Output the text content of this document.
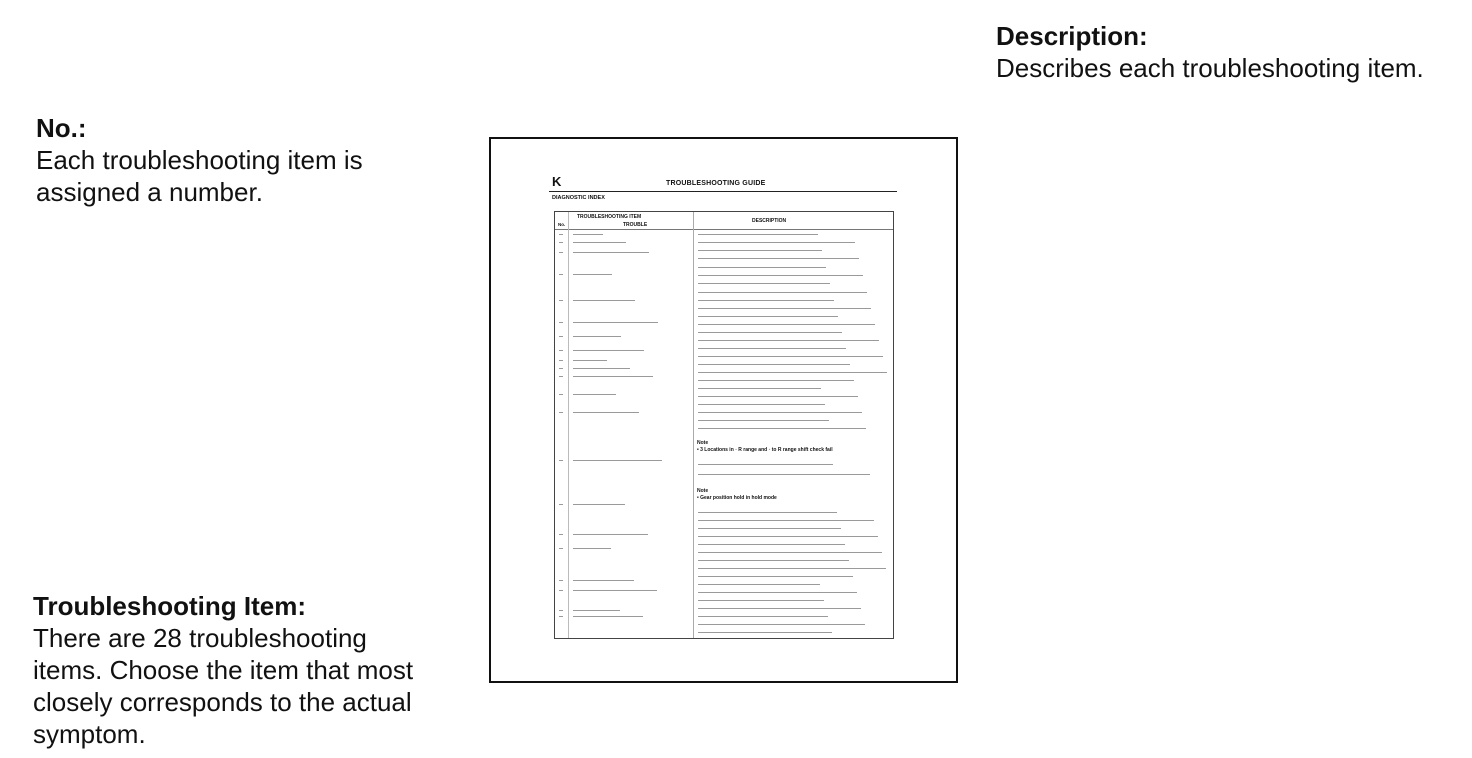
Description:
Describes each troubleshooting item.
No.:
Each troubleshooting item is assigned a number.
Troubleshooting Item:
There are 28 troubleshooting items. Choose the item that most closely corresponds to the actual symptom.
K	TROUBLESHOOTING GUIDE
DIAGNOSTIC INDEX
TROUBLESHOOTING ITEM
TROUBLE
No.
DESCRIPTION
Note
• 3 Locations in ◦ R range and ◦ to R range shift check fail
Note
• Gear position hold in hold mode
